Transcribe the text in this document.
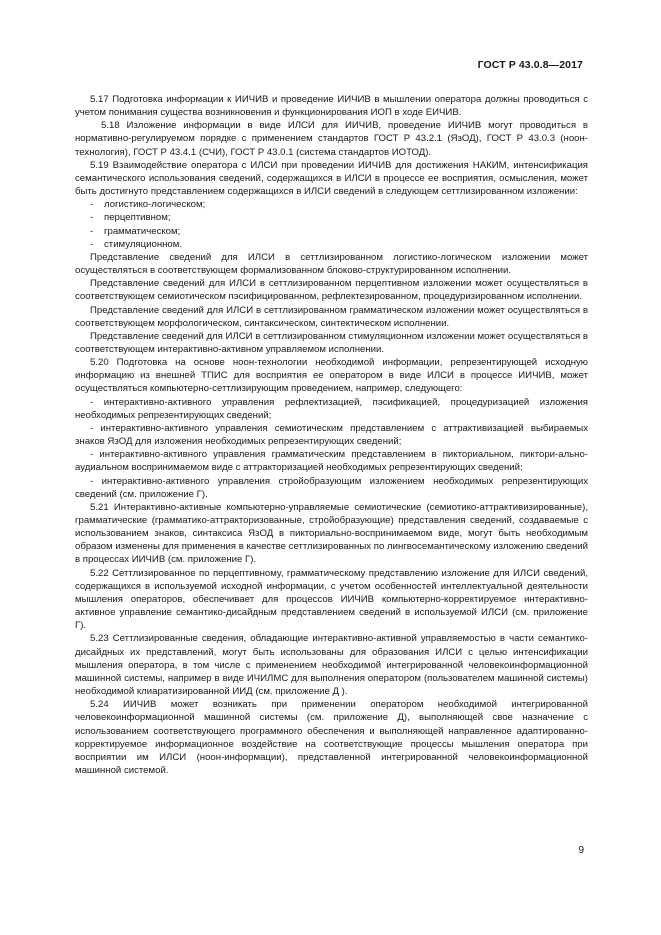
ГОСТ Р 43.0.8—2017

5.17 Подготовка информации к ИИЧИВ и проведение ИИЧИВ в мышлении оператора должны проводиться с учетом понимания существа возникновения и функционирования ИОП в ходе ЕИЧИВ.

5.18 Изложение информации в виде ИЛСИ для ИИЧИВ, проведение ИИЧИВ могут проводиться в нормативно-регулируемом порядке с применением стандартов ГОСТ Р 43.2.1 (ЯзОД), ГОСТ Р 43.0.3 (ноон-технология), ГОСТ Р 43.4.1 (СЧИ), ГОСТ Р 43.0.1 (система стандартов ИОТОД).

5.19 Взаимодействие оператора с ИЛСИ при проведении ИИЧИВ для достижения НАКИМ, интенсификация семантического использования сведений, содержащихся в ИЛСИ в процессе ее восприятия, осмысления, может быть достигнуто представлением содержащихся в ИЛСИ сведений в следующем сеттлизированном изложении:

- логистико-логическом;

- перцептивном;

- грамматическом;

- стимуляционном.

Представление сведений для ИЛСИ в сеттлизированном логистико-логическом изложении может осуществляться в соответствующем формализованном блоково-структурированном исполнении.

Представление сведений для ИЛСИ в сеттлизированном перцептивном изложении может осуществляться в соответствующем семиотическом пэсифицированном, рефлектезированном, процедуризированном исполнении.

Представление сведений для ИЛСИ в сеттлизированном грамматическом изложении может осуществляться в соответствующем морфологическом, синтаксическом, синтектическом исполнении.

Представление сведений для ИЛСИ в сеттлизированном стимуляционном изложении может осуществляться в соответствующем интерактивно-активном управляемом исполнении.

5.20 Подготовка на основе ноон-технологии необходимой информации, репрезентирующей исходную информацию из внешней ТПИС для восприятия ее оператором в виде ИЛСИ в процессе ИИЧИВ, может осуществляться компьютерно-сеттлизирующим проведением, например, следующего:

- интерактивно-активного управления рефлектизацией, пэсификацией, процедуризацией изложения необходимых репрезентирующих сведений;

- интерактивно-активного управления семиотическим представлением с аттрактивизацией выбираемых знаков ЯзОД для изложения необходимых репрезентирующих сведений;

- интерактивно-активного управления грамматическим представлением в пикториальном, пиктори-ально-аудиальном воспринимаемом виде с аттракторизацией необходимых репрезентирующих сведений;

- интерактивно-активного управления стройобразующим изложением необходимых репрезентирующих сведений (см. приложение Г).

5.21 Интерактивно-активные компьютерно-управляемые семиотические (семиотико-аттрактивизированные), грамматические (грамматико-аттракторизованные, стройобразующие) представления сведений, создаваемые с использованием знаков, синтаксиса ЯзОД в пикториально-воспринимаемом виде, могут быть необходимым образом изменены для применения в качестве сеттлизированных по лингвосемантическому изложению сведений в процессах ИИЧИВ (см. приложение Г).

5.22 Сеттлизированное по перцептивному, грамматическому представлению изложение для ИЛСИ сведений, содержащихся в используемой исходной информации, с учетом особенностей интеллектуальной деятельности мышления операторов, обеспечивает для процессов ИИЧИВ компьютерно-корректируемое интерактивно-активное управление семантико-дисайдным представлением сведений в используемой ИЛСИ (см. приложение Г).

5.23 Сеттлизированные сведения, обладающие интерактивно-активной управляемостью в части семантико-дисайдных их представлений, могут быть использованы для образования ИЛСИ с целью интенсификации мышления оператора, в том числе с применением необходимой интегрированной человекоинформационной машинной системы, например в виде ИЧИЛМС для выполнения оператором (пользователем машинной системы) необходимой клиаратизированной ИИД (см. приложение Д ).

5.24 ИИЧИВ может возникать при применении оператором необходимой интегрированной человекоинформационной машинной системы (см. приложение Д), выполняющей свое назначение с использованием соответствующего программного обеспечения и выполняющей направленное адаптированно-корректируемое информационное воздействие на соответствующие процессы мышления оператора при восприятии им ИЛСИ (ноон-информации), представленной интегрированной человекоинформационной машинной системой.

9
